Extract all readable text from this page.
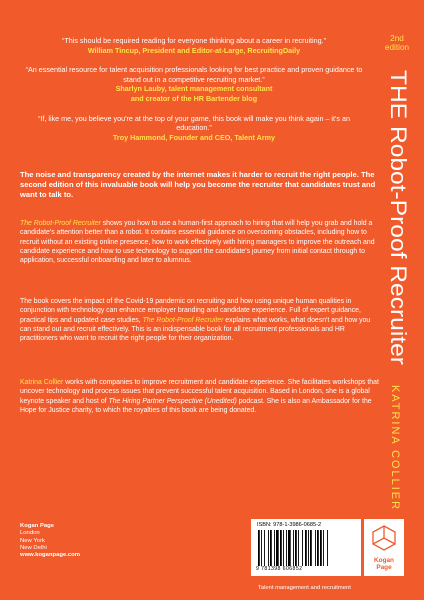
“This should be required reading for everyone thinking about a career in recruiting.”
William Tincup, President and Editor-at-Large, RecruitingDaily
“An essential resource for talent acquisition professionals looking for best practice and proven guidance to stand out in a competitive recruiting market.”
Sharlyn Lauby, talent management consultant
and creator of the HR Bartender blog
“If, like me, you believe you're at the top of your game, this book will make you think again – it's an education.”
Troy Hammond, Founder and CEO, Talent Army
The noise and transparency created by the internet makes it harder to recruit the right people. The second edition of this invaluable book will help you become the recruiter that candidates trust and want to talk to.
The Robot-Proof Recruiter shows you how to use a human-first approach to hiring that will help you grab and hold a candidate's attention better than a robot. It contains essential guidance on overcoming obstacles, including how to recruit without an existing online presence, how to work effectively with hiring managers to improve the outreach and candidate experience and how to use technology to support the candidate's journey from initial contact through to application, successful onboarding and later to alumnus.
The book covers the impact of the Covid-19 pandemic on recruiting and how using unique human qualities in conjunction with technology can enhance employer branding and candidate experience. Full of expert guidance, practical tips and updated case studies, The Robot-Proof Recruiter explains what works, what doesn't and how you can stand out and recruit effectively. This is an indispensable book for all recruitment professionals and HR practitioners who want to recruit the right people for their organization.
Katrina Collier works with companies to improve recruitment and candidate experience. She facilitates workshops that uncover technology and process issues that prevent successful talent acquisition. Based in London, she is a global keynote speaker and host of The Hiring Partner Perspective (Unedited) podcast. She is also an Ambassador for the Hope for Justice charity, to which the royalties of this book are being donated.
Kogan Page
London
New York
New Delhi
www.koganpage.com
2nd
edition
THE Robot-Proof Recruiter
KATRINA COLLIER
ISBN: 978-1-3986-0685-2
9 781398 606852
Kogan
Page
Talent management and recruitment
